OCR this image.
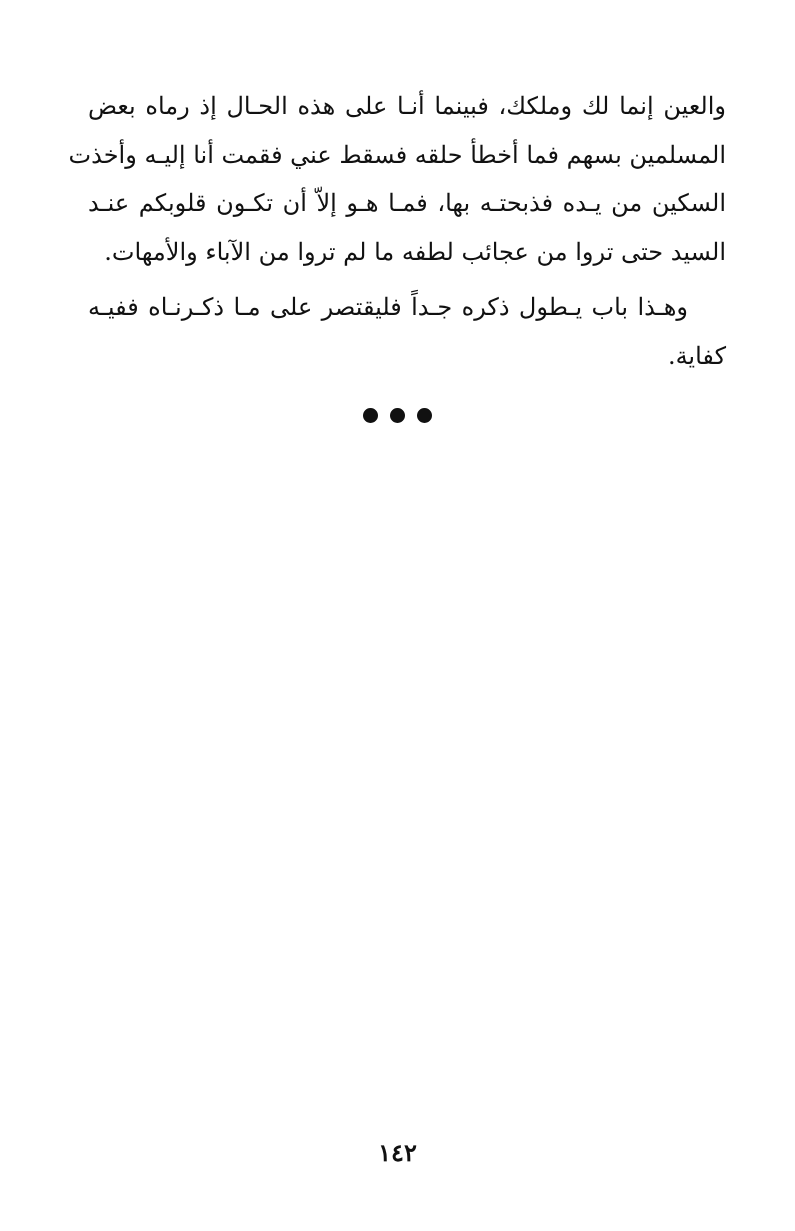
والعين إنما لك وملكك، فبينما أنـا على هذه الحـال إذ رماه بعض
المسلمين بسهم فما أخطأ حلقه فسقط عني فقمت أنا إليـه وأخذت
السكين من يـده فذبحتـه بها، فمـا هـو إلاّ أن تكـون قلوبكم عنـد
السيد حتى تروا من عجائب لطفه ما لم تروا من الآباء والأمهات.
وهـذا باب يـطول ذكره جـداً فليقتصر على مـا ذكـرنـاه ففيـه
كفاية.
١٤٢
